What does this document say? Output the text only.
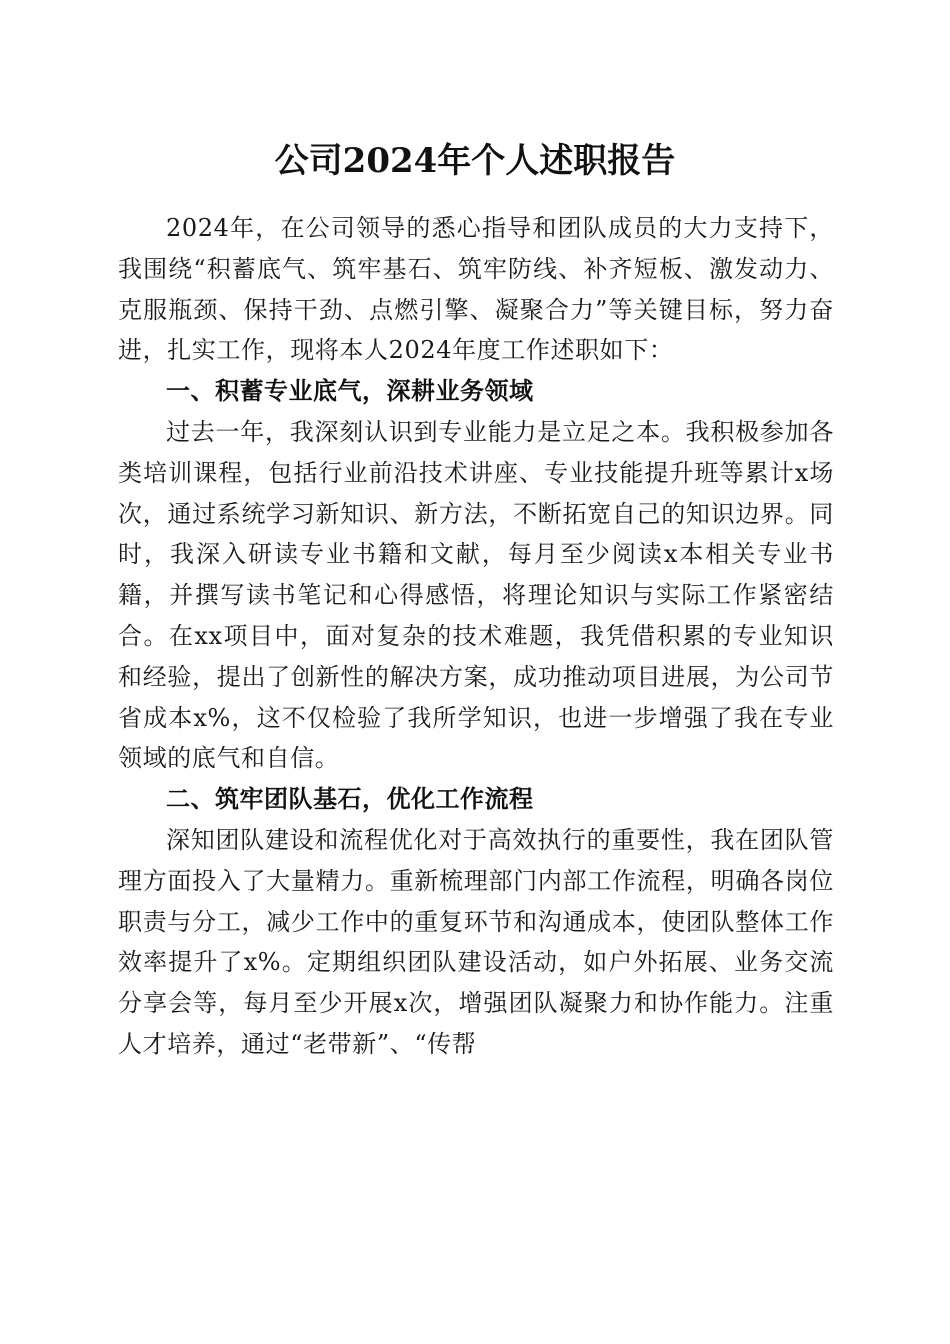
公司2024年个人述职报告

2024年，在公司领导的悉心指导和团队成员的大力支持下，我围绕“积蓄底气、筑牢基石、筑牢防线、补齐短板、激发动力、克服瓶颈、保持干劲、点燃引擎、凝聚合力”等关键目标，努力奋进，扎实工作，现将本人2024年度工作述职如下：

一、积蓄专业底气，深耕业务领域

过去一年，我深刻认识到专业能力是立足之本。我积极参加各类培训课程，包括行业前沿技术讲座、专业技能提升班等累计x场次，通过系统学习新知识、新方法，不断拓宽自己的知识边界。同时，我深入研读专业书籍和文献，每月至少阅读x本相关专业书籍，并撰写读书笔记和心得感悟，将理论知识与实际工作紧密结合。在xx项目中，面对复杂的技术难题，我凭借积累的专业知识和经验，提出了创新性的解决方案，成功推动项目进展，为公司节省成本x%，这不仅检验了我所学知识，也进一步增强了我在专业领域的底气和自信。

二、筑牢团队基石，优化工作流程

深知团队建设和流程优化对于高效执行的重要性，我在团队管理方面投入了大量精力。重新梳理部门内部工作流程，明确各岗位职责与分工，减少工作中的重复环节和沟通成本，使团队整体工作效率提升了x%。定期组织团队建设活动，如户外拓展、业务交流分享会等，每月至少开展x次，增强团队凝聚力和协作能力。注重人才培养，通过“老带新”、“传帮
